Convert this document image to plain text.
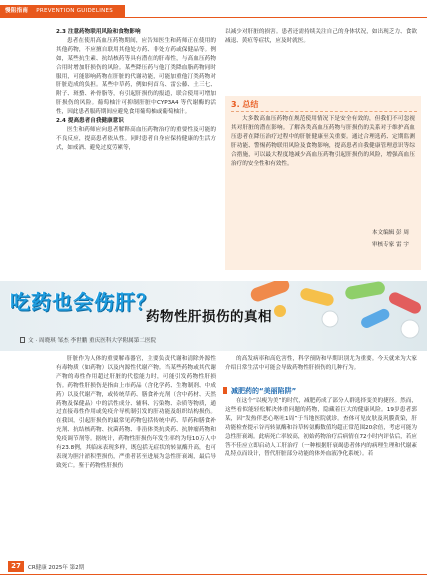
慢阻指南 PREVENTION GUIDELINES

2.3 注意药物联用风险和食物影响

患者在使用高血压药物期间，应告知医生和药师正在使用的其他药物，不应擅自联用其他处方药、非处方药或保健品等。例如，某些抗生素、抗结核药等具有潜在的肝毒性，与高血压药物合用时增加肝损伤的风险。某些降压药与他汀类降血脂药物同时服用，可能影响药物在肝脏的代谢功能，可能加重他汀类药物对肝脏造成的负担。某些中草药，例如何首乌、雷公藤、土三七、附子、斑蝥、补骨脂等，有引起肝损伤的报道，联合使用可增加肝损伤的风险。葡萄柚汁可抑制肝脏中CYP3A4 等代谢酶的活性，因此患者服药期间应避免食用葡萄柚或葡萄柚汁。

2.4 提高患者自我健康意识

医生和药师应向患者解释高血压药物治疗的重要性及可能的不良反应，提高患者依从性。同时患者自身应保持健康的生活方式，如戒酒、避免过度劳累等，

以减少对肝脏的损害。患者还需持续关注自己的身体状况，如出现乏力、食欲减退、黄疸等症状，应及时就医。

3. 总结

大多数高血压药物在规范使用情况下是安全有效的，但我们不可忽视其对肝脏的潜在影响。了解各类高血压药物与肝损伤的关系对于维护高血压患者在降压治疗过程中的肝脏健康至关重要。通过合理选药、定期监测肝功能、警惕药物联用风险及食物影响，提高患者自我健康管理意识等综合措施，可以最大程度地减少高血压药物引起肝损伤的风险，增强高血压治疗的安全性和有效性。

本文编辑 彭 周
审核专家 雷 宇
吃药也会伤肝？
药物性肝损伤的真相
文 · 周晓琪 邹杰 李世鹏 重庆医科大学附属第二医院

肝脏作为人体的重要解毒器官，主要负责代谢和清除外源性有毒物质（如药物）以及内源性代谢产物。当某些药物或其代谢产物的毒性作用超过肝脏的代偿能力时，可能引发药物性肝损伤。药物性肝损伤是指由上市药品（含化学药、生物制剂、中成药）以及代谢产物，或传统草药、膳食补充剂（含中药材、天然药物及保健品）中的活性成分、辅料、污染物、杂质等物质，通过直接毒性作用或免疫介导机制引发的肝功能及组织结构损伤。在我国，引起肝损伤的最常见药物包括传统中药、草药和膳食补充剂、抗结核药物、抗菌药物、非甾体类抗炎药、抗肿瘤药物和免疫调节剂等。据统计，药物性肝损伤年发生率约为每10万人中有23.8例，其临床表现多样，既包括无症状的转氨酶升高，也可表现为胆汁淤积型损伤，严重者甚至进展为急性肝衰竭，最后导致死亡。鉴于药物性肝损伤

的高发病率和高危害性，科学预防和早期识别尤为重要。今天就来为大家介绍日常生活中可能会导致药物性肝损伤的几种行为。

减肥药的“美丽陷阱”

在这个“以瘦为美”的时代，减肥药成了部分人群选择变美的捷径。然而，这些看似能轻松解决体重问题的药物，隐藏着巨大的健康风险。19岁患者郭某，因“发热伴恶心呕吐1周”于当地医院就诊。查体可见皮肤及巩膜黄染，肝功能检查提示谷丙转氨酶和谷草转氨酶数值均超正常范围20余倍，考虑可能为急性肝衰竭。此病死亡率较高，初始药物治疗后病情在72小时内评估后，若应答不佳应立即启动人工肝治疗（一种根据肝衰竭患者体内的病理生理和代谢紊乱特点而设计，替代肝脏部分功能的体外血液净化系统）。若

27	CR健康 2025年 第2期
